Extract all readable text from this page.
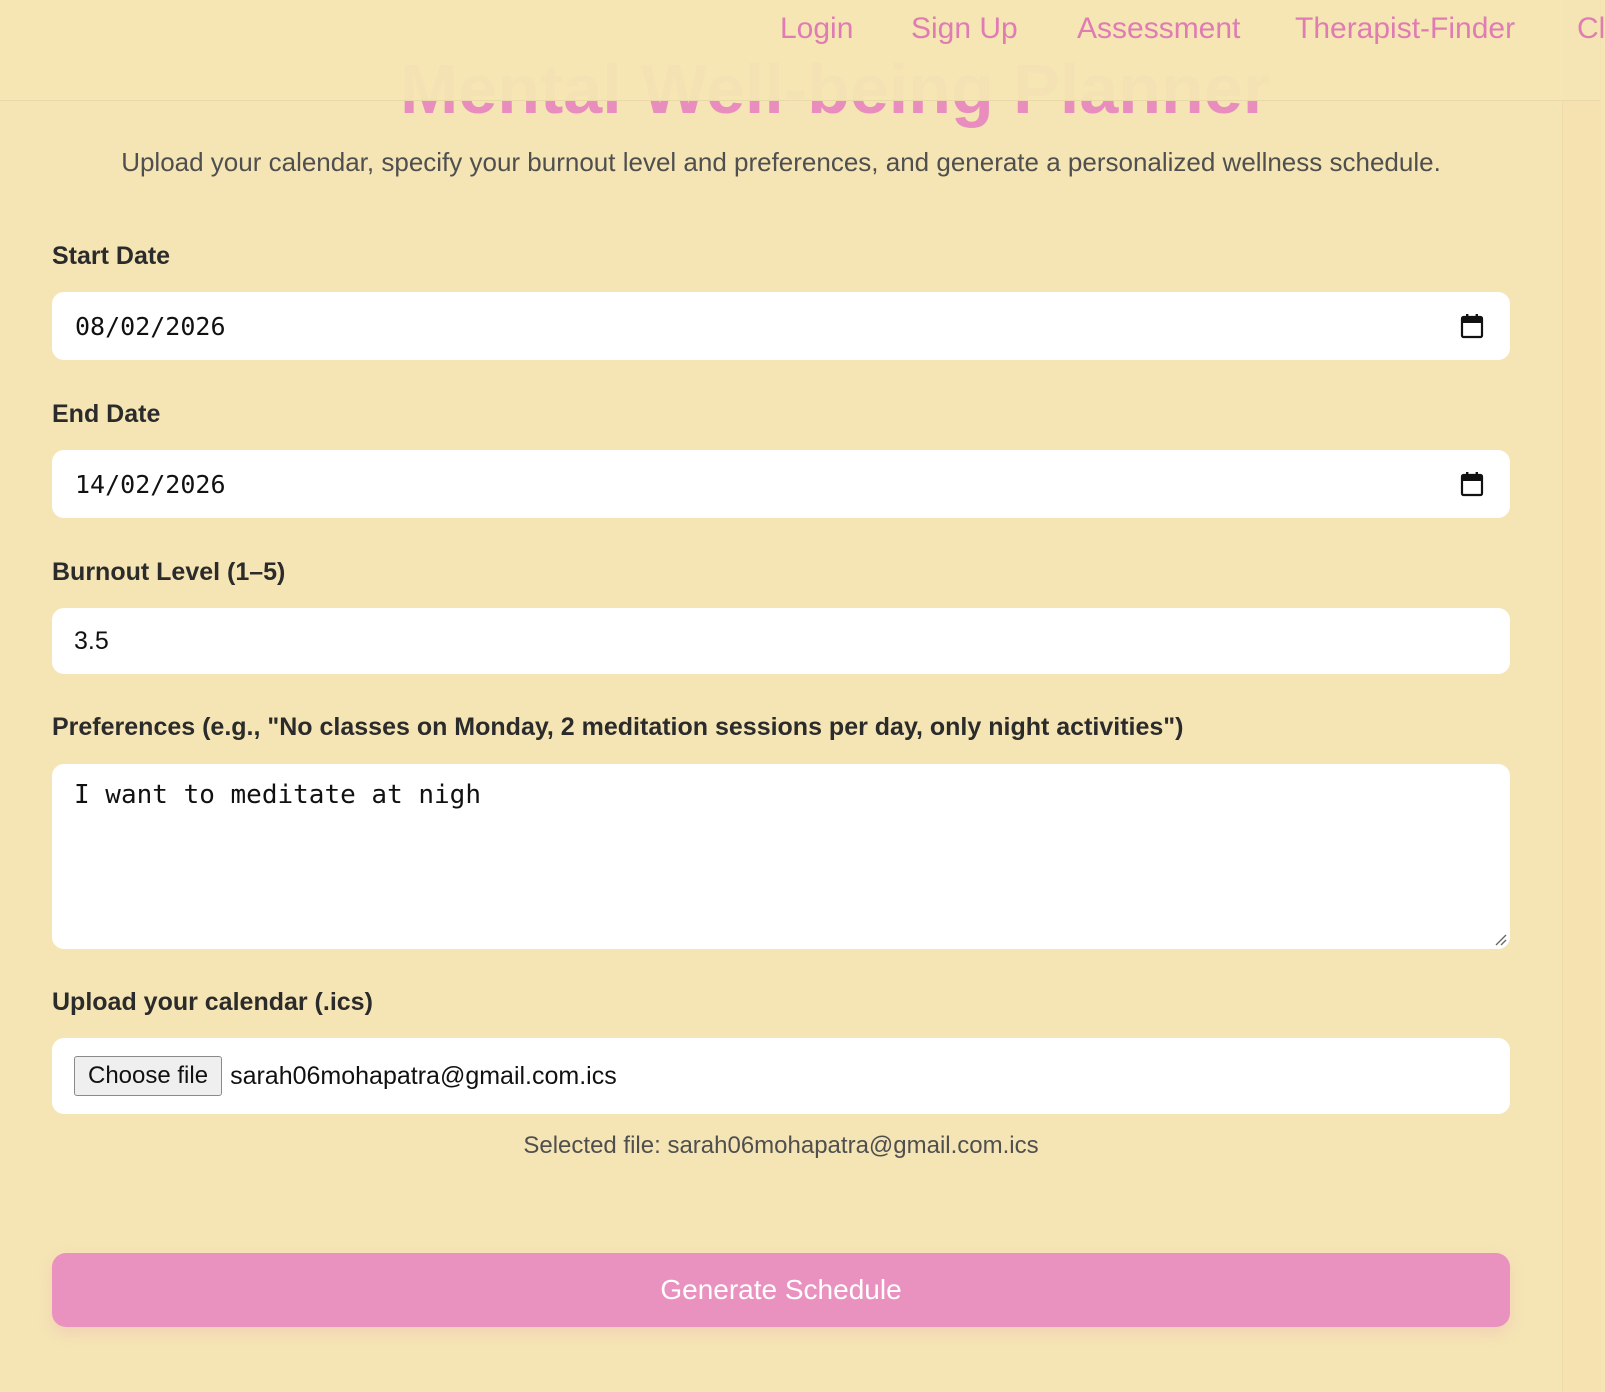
Login Sign Up Assessment Therapist-Finder Cl
Upload your calendar, specify your burnout level and preferences, and generate a personalized wellness schedule.
Start Date
08/02/2026
End Date
14/02/2026
Burnout Level (1–5)
3.5
Preferences (e.g., "No classes on Monday, 2 meditation sessions per day, only night activities")
I want to meditate at nigh
Upload your calendar (.ics)
Choose file sarah06mohapatra@gmail.com.ics
Selected file: sarah06mohapatra@gmail.com.ics
Generate Schedule
